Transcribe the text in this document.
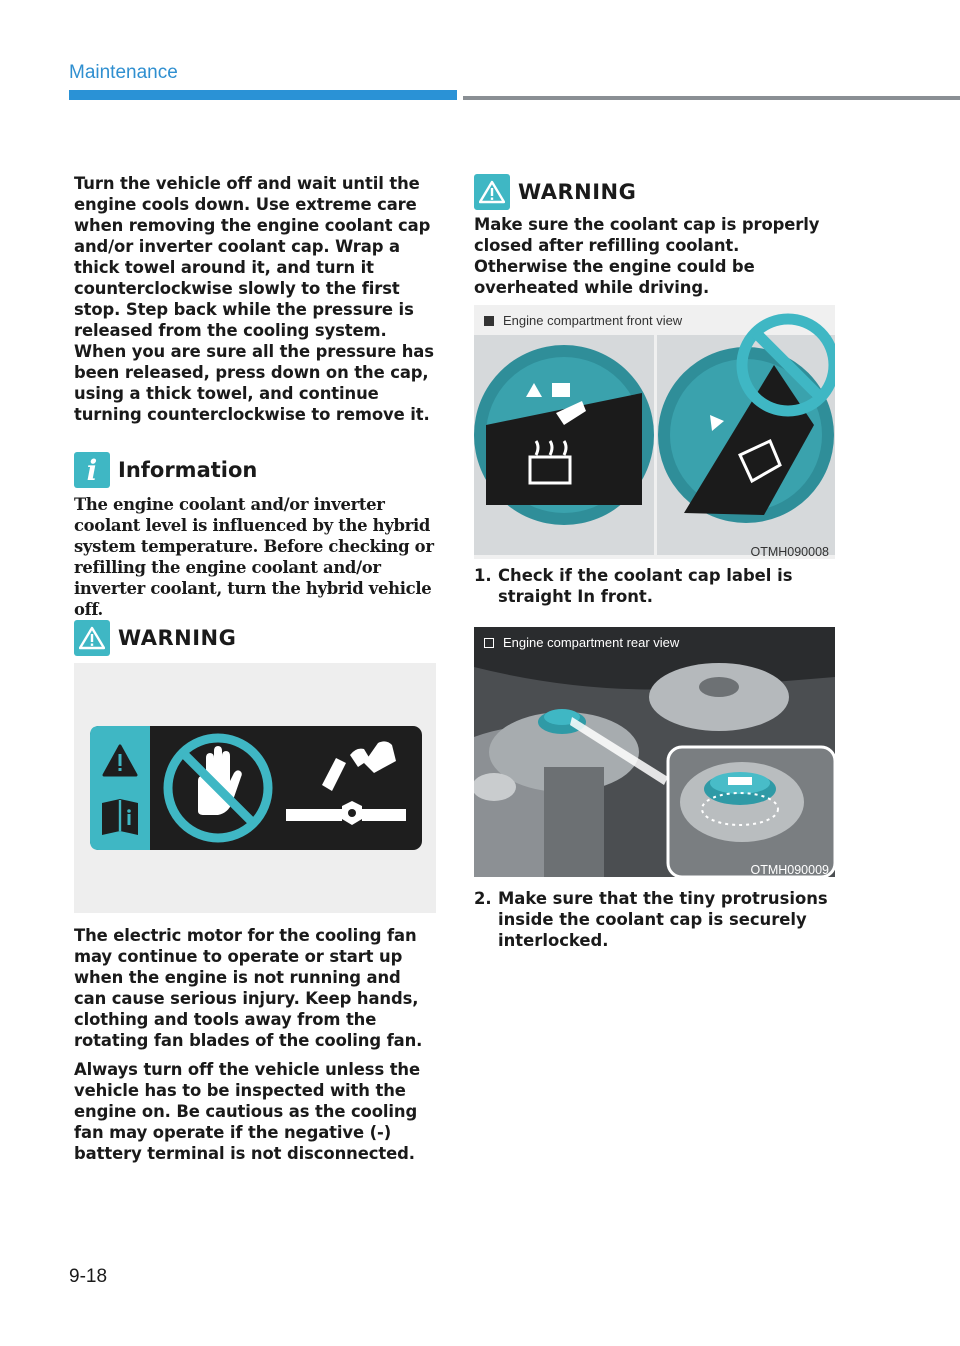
Maintenance

Turn the vehicle off and wait until the engine cools down. Use extreme care when removing the engine coolant cap and/or inverter coolant cap. Wrap a thick towel around it, and turn it counterclockwise slowly to the first stop. Step back while the pressure is released from the cooling system. When you are sure all the pressure has been released, press down on the cap, using a thick towel, and continue turning counterclockwise to remove it.

i Information

The engine coolant and/or inverter coolant level is influenced by the hybrid system temperature. Before checking or refilling the engine coolant and/or inverter coolant, turn the hybrid vehicle off.

WARNING

The electric motor for the cooling fan may continue to operate or start up when the engine is not running and can cause serious injury. Keep hands, clothing and tools away from the rotating fan blades of the cooling fan.

Always turn off the vehicle unless the vehicle has to be inspected with the engine on. Be cautious as the cooling fan may operate if the negative (-) battery terminal is not disconnected.

WARNING

Make sure the coolant cap is properly closed after refilling coolant. Otherwise the engine could be overheated while driving.

Engine compartment front view
OTMH090008
1. Check if the coolant cap label is straight In front.
Engine compartment rear view
OTMH090009
2. Make sure that the tiny protrusions inside the coolant cap is securely interlocked.
9-18
